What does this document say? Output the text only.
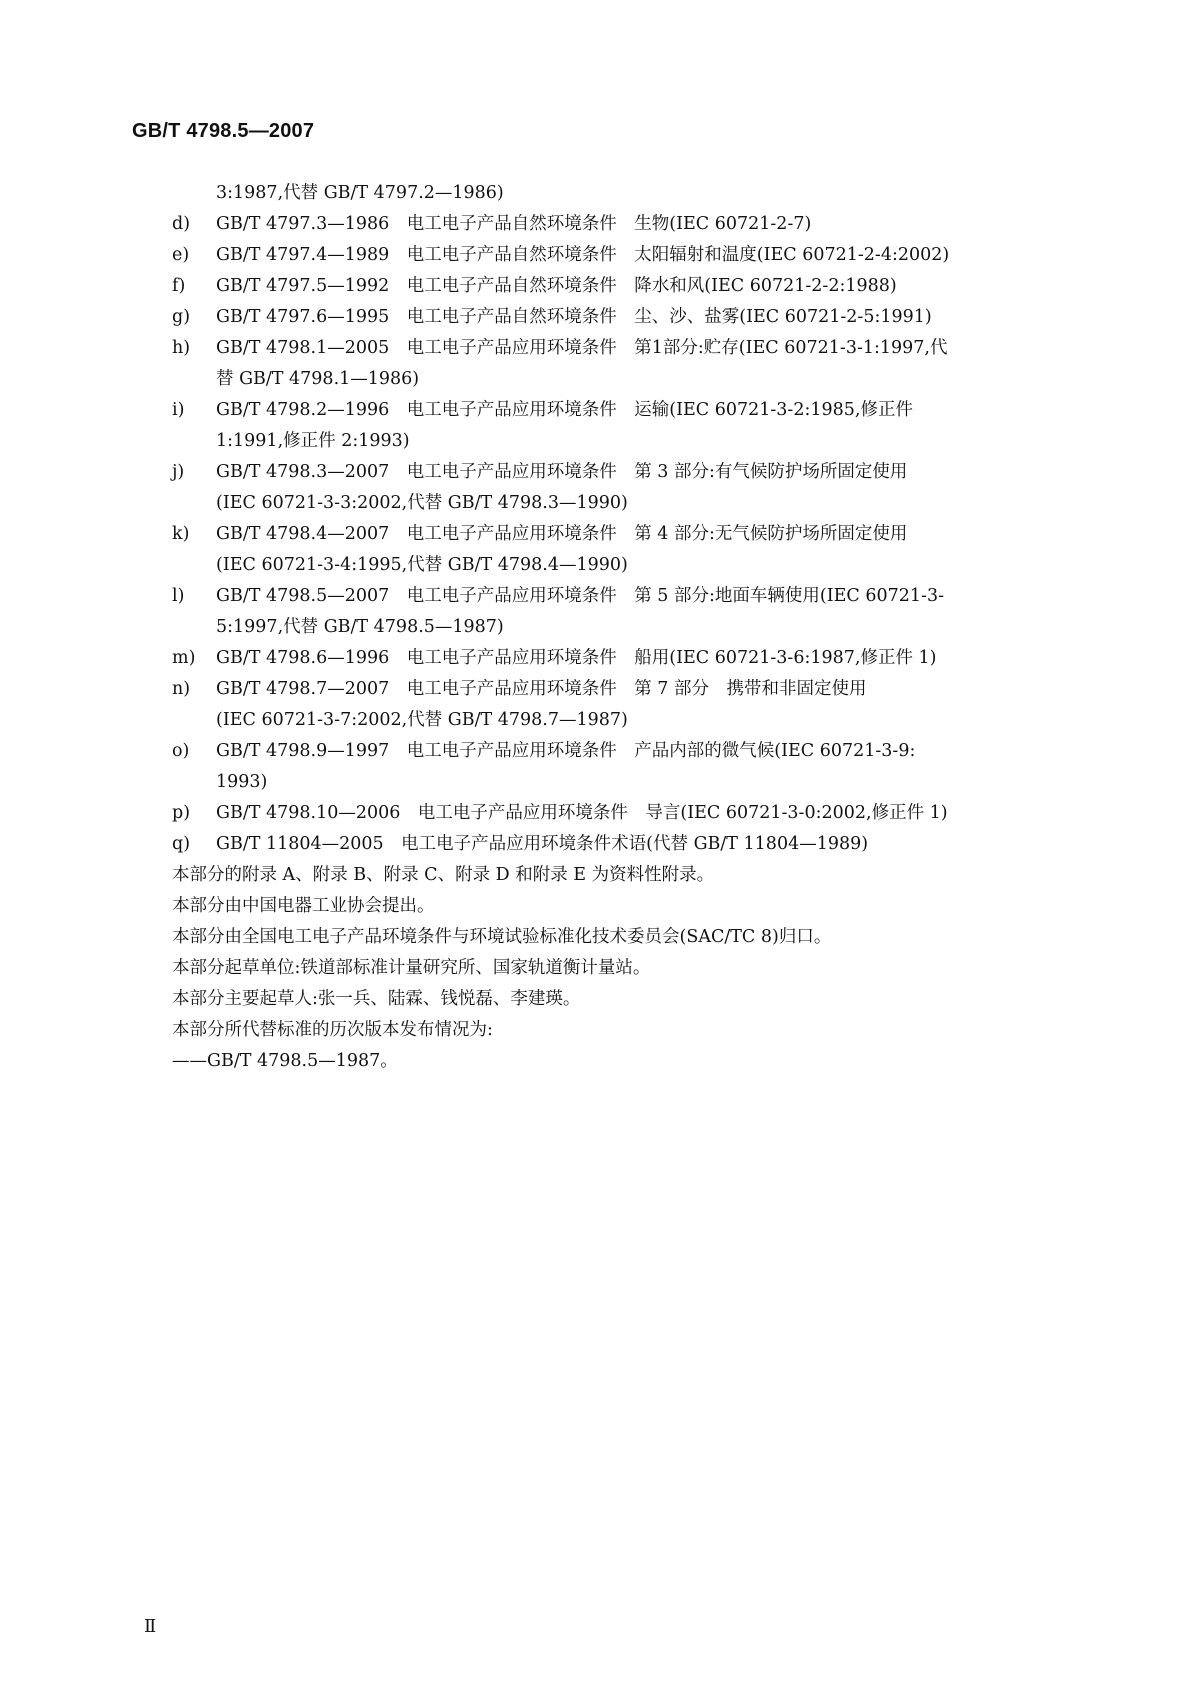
GB/T 4798.5—2007
3:1987,代替 GB/T 4797.2—1986)
d)	GB/T 4797.3—1986　电工电子产品自然环境条件　生物(IEC 60721-2-7)
e)	GB/T 4797.4—1989　电工电子产品自然环境条件　太阳辐射和温度(IEC 60721-2-4:2002)
f)	GB/T 4797.5—1992　电工电子产品自然环境条件　降水和风(IEC 60721-2-2:1988)
g)	GB/T 4797.6—1995　电工电子产品自然环境条件　尘、沙、盐雾(IEC 60721-2-5:1991)
h)	GB/T 4798.1—2005　电工电子产品应用环境条件　第1部分:贮存(IEC 60721-3-1:1997,代
替 GB/T 4798.1—1986)
i)	GB/T 4798.2—1996　电工电子产品应用环境条件　运输(IEC 60721-3-2:1985,修正件
1:1991,修正件 2:1993)
j)	GB/T 4798.3—2007　电工电子产品应用环境条件　第 3 部分:有气候防护场所固定使用
(IEC 60721-3-3:2002,代替 GB/T 4798.3—1990)
k)	GB/T 4798.4—2007　电工电子产品应用环境条件　第 4 部分:无气候防护场所固定使用
(IEC 60721-3-4:1995,代替 GB/T 4798.4—1990)
l)	GB/T 4798.5—2007　电工电子产品应用环境条件　第 5 部分:地面车辆使用(IEC 60721-3-
5:1997,代替 GB/T 4798.5—1987)
m)	GB/T 4798.6—1996　电工电子产品应用环境条件　船用(IEC 60721-3-6:1987,修正件 1)
n)	GB/T 4798.7—2007　电工电子产品应用环境条件　第 7 部分　携带和非固定使用
(IEC 60721-3-7:2002,代替 GB/T 4798.7—1987)
o)	GB/T 4798.9—1997　电工电子产品应用环境条件　产品内部的微气候(IEC 60721-3-9:
1993)
p)	GB/T 4798.10—2006　电工电子产品应用环境条件　导言(IEC 60721-3-0:2002,修正件 1)
q)	GB/T 11804—2005　电工电子产品应用环境条件术语(代替 GB/T 11804—1989)
本部分的附录 A、附录 B、附录 C、附录 D 和附录 E 为资料性附录。
本部分由中国电器工业协会提出。
本部分由全国电工电子产品环境条件与环境试验标准化技术委员会(SAC/TC 8)归口。
本部分起草单位:铁道部标准计量研究所、国家轨道衡计量站。
本部分主要起草人:张一兵、陆霖、钱悦磊、李建瑛。
本部分所代替标准的历次版本发布情况为:
——GB/T 4798.5—1987。
Ⅱ
